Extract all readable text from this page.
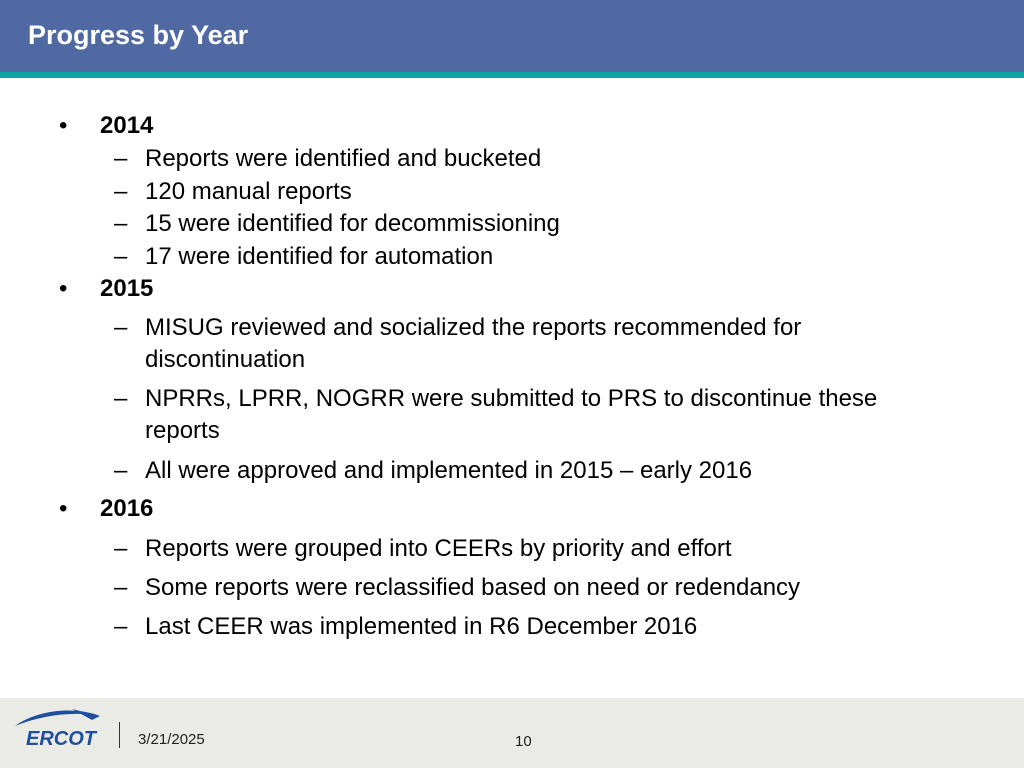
Progress by Year
• 2014
– Reports were identified and bucketed
– 120 manual reports
– 15 were identified for decommissioning
– 17 were identified for automation
• 2015
– MISUG reviewed and socialized the reports recommended for discontinuation
– NPRRs, LPRR, NOGRR were submitted to PRS to discontinue these reports
– All were approved and implemented in 2015 – early 2016
• 2016
– Reports were grouped into CEERs by priority and effort
– Some reports were reclassified based on need or redendancy
– Last CEER was implemented in R6 December 2016
ERCOT	3/21/2025	10
